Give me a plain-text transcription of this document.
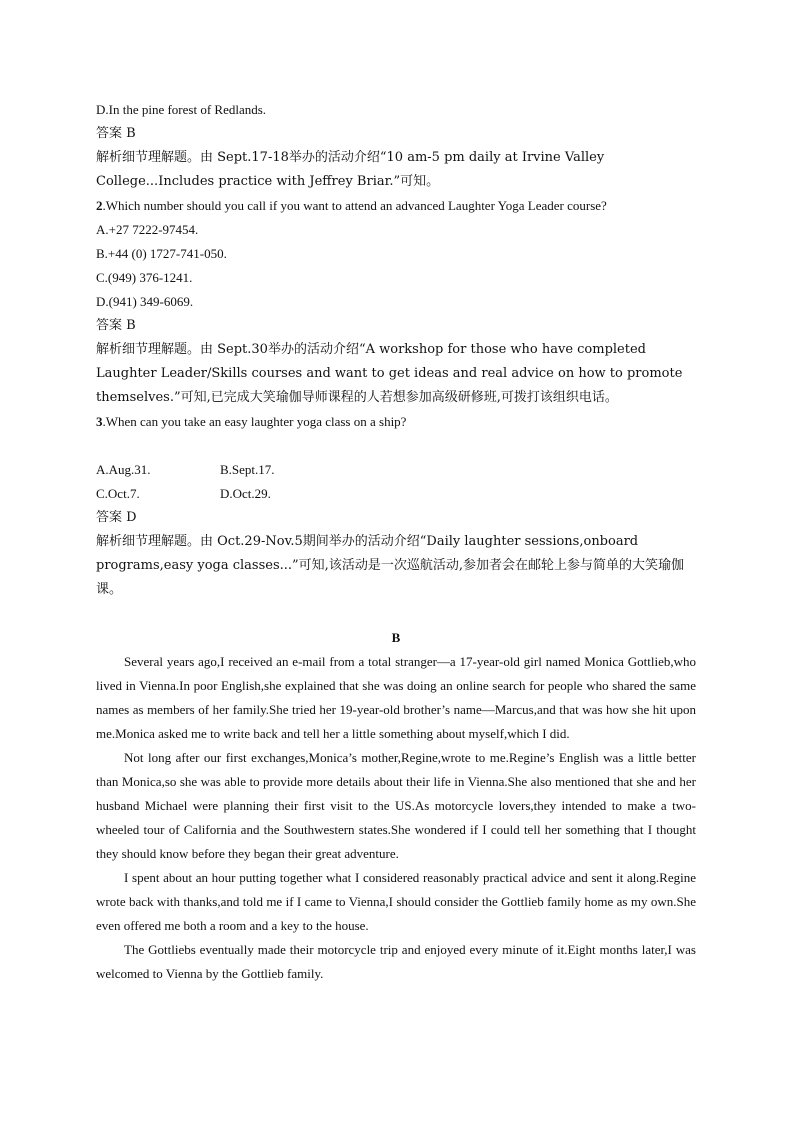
D.In the pine forest of Redlands.
答案 B
解析细节理解题。由 Sept.17-18举办的活动介绍“10 am-5 pm daily at Irvine Valley College...Includes practice with Jeffrey Briar.”可知。
2.Which number should you call if you want to attend an advanced Laughter Yoga Leader course?
A.+27 7222-97454.
B.+44 (0) 1727-741-050.
C.(949) 376-1241.
D.(941) 349-6069.
答案 B
解析细节理解题。由 Sept.30举办的活动介绍“A workshop for those who have completed Laughter Leader/Skills courses and want to get ideas and real advice on how to promote themselves.”可知,已完成大笑瑜伽导师课程的人若想参加高级研修班,可拨打该组织电话。
3.When can you take an easy laughter yoga class on a ship?
A.Aug.31.	B.Sept.17.
C.Oct.7.	D.Oct.29.
答案 D
解析细节理解题。由 Oct.29-Nov.5期间举办的活动介绍“Daily laughter sessions,onboard programs,easy yoga classes...”可知,该活动是一次巡航活动,参加者会在邮轮上参与简单的大笑瑜伽课。
B
Several years ago,I received an e-mail from a total stranger—a 17-year-old girl named Monica Gottlieb,who lived in Vienna.In poor English,she explained that she was doing an online search for people who shared the same names as members of her family.She tried her 19-year-old brother’s name—Marcus,and that was how she hit upon me.Monica asked me to write back and tell her a little something about myself,which I did.
Not long after our first exchanges,Monica’s mother,Regine,wrote to me.Regine’s English was a little better than Monica,so she was able to provide more details about their life in Vienna.She also mentioned that she and her husband Michael were planning their first visit to the US.As motorcycle lovers,they intended to make a two-wheeled tour of California and the Southwestern states.She wondered if I could tell her something that I thought they should know before they began their great adventure.
I spent about an hour putting together what I considered reasonably practical advice and sent it along.Regine wrote back with thanks,and told me if I came to Vienna,I should consider the Gottlieb family home as my own.She even offered me both a room and a key to the house.
The Gottliebs eventually made their motorcycle trip and enjoyed every minute of it.Eight months later,I was welcomed to Vienna by the Gottlieb family.
